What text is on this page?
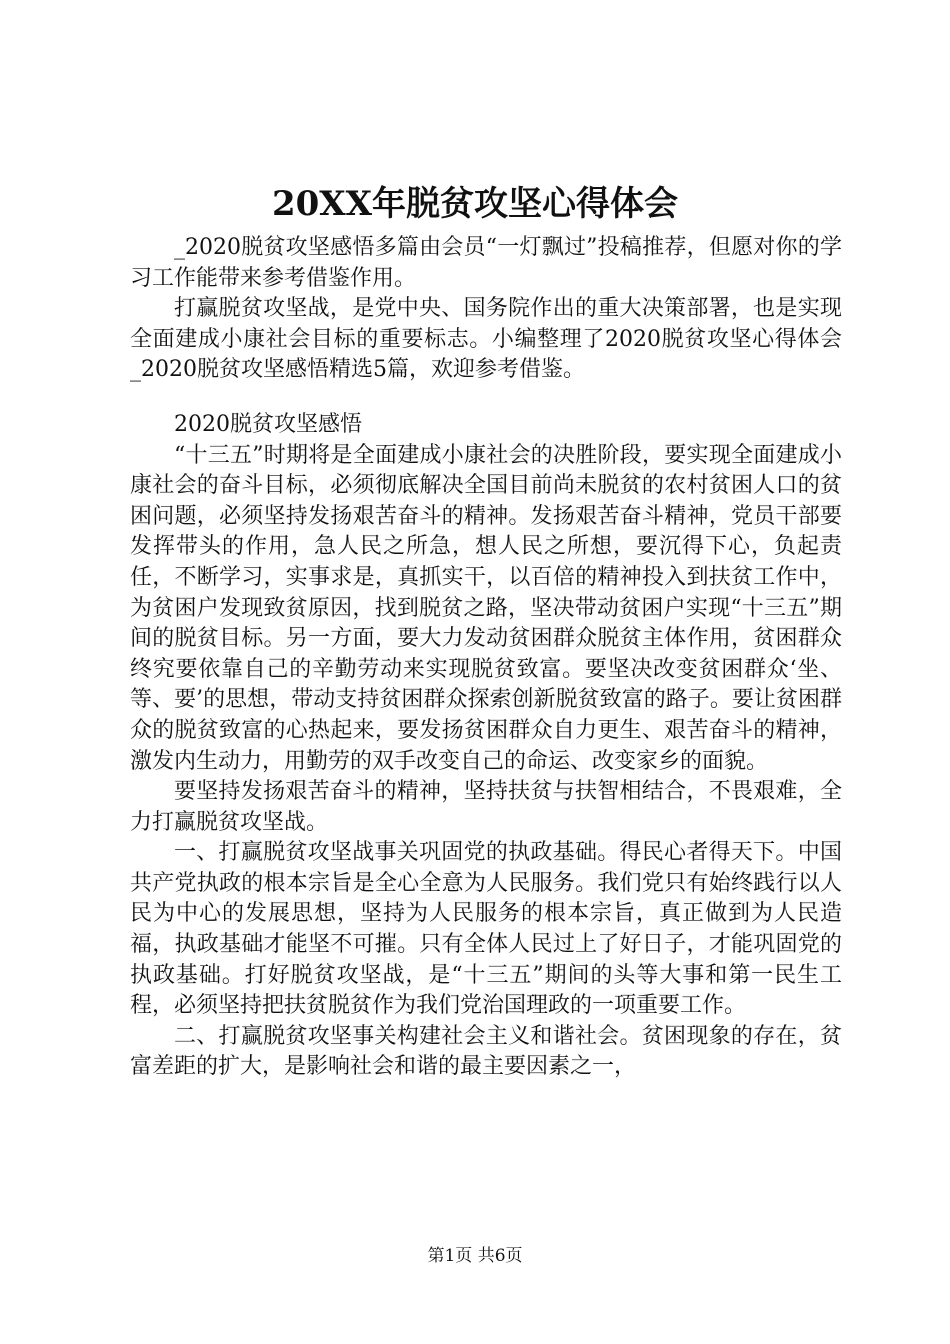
20XX年脱贫攻坚心得体会

_2020脱贫攻坚感悟多篇由会员“一灯飘过”投稿推荐，但愿对你的学习工作能带来参考借鉴作用。

打赢脱贫攻坚战，是党中央、国务院作出的重大决策部署，也是实现全面建成小康社会目标的重要标志。小编整理了2020脱贫攻坚心得体会_2020脱贫攻坚感悟精选5篇，欢迎参考借鉴。

2020脱贫攻坚感悟

“十三五”时期将是全面建成小康社会的决胜阶段，要实现全面建成小康社会的奋斗目标，必须彻底解决全国目前尚未脱贫的农村贫困人口的贫困问题，必须坚持发扬艰苦奋斗的精神。发扬艰苦奋斗精神，党员干部要发挥带头的作用，急人民之所急，想人民之所想，要沉得下心，负起责任，不断学习，实事求是，真抓实干，以百倍的精神投入到扶贫工作中，为贫困户发现致贫原因，找到脱贫之路，坚决带动贫困户实现“十三五”期间的脱贫目标。另一方面，要大力发动贫困群众脱贫主体作用，贫困群众终究要依靠自己的辛勤劳动来实现脱贫致富。要坚决改变贫困群众‘坐、等、要’的思想，带动支持贫困群众探索创新脱贫致富的路子。要让贫困群众的脱贫致富的心热起来，要发扬贫困群众自力更生、艰苦奋斗的精神，激发内生动力，用勤劳的双手改变自己的命运、改变家乡的面貌。

要坚持发扬艰苦奋斗的精神，坚持扶贫与扶智相结合，不畏艰难，全力打赢脱贫攻坚战。

一、打赢脱贫攻坚战事关巩固党的执政基础。得民心者得天下。中国共产党执政的根本宗旨是全心全意为人民服务。我们党只有始终践行以人民为中心的发展思想，坚持为人民服务的根本宗旨，真正做到为人民造福，执政基础才能坚不可摧。只有全体人民过上了好日子，才能巩固党的执政基础。打好脱贫攻坚战，是“十三五”期间的头等大事和第一民生工程，必须坚持把扶贫脱贫作为我们党治国理政的一项重要工作。

二、打赢脱贫攻坚事关构建社会主义和谐社会。贫困现象的存在，贫富差距的扩大，是影响社会和谐的最主要因素之一，

第1页 共6页
